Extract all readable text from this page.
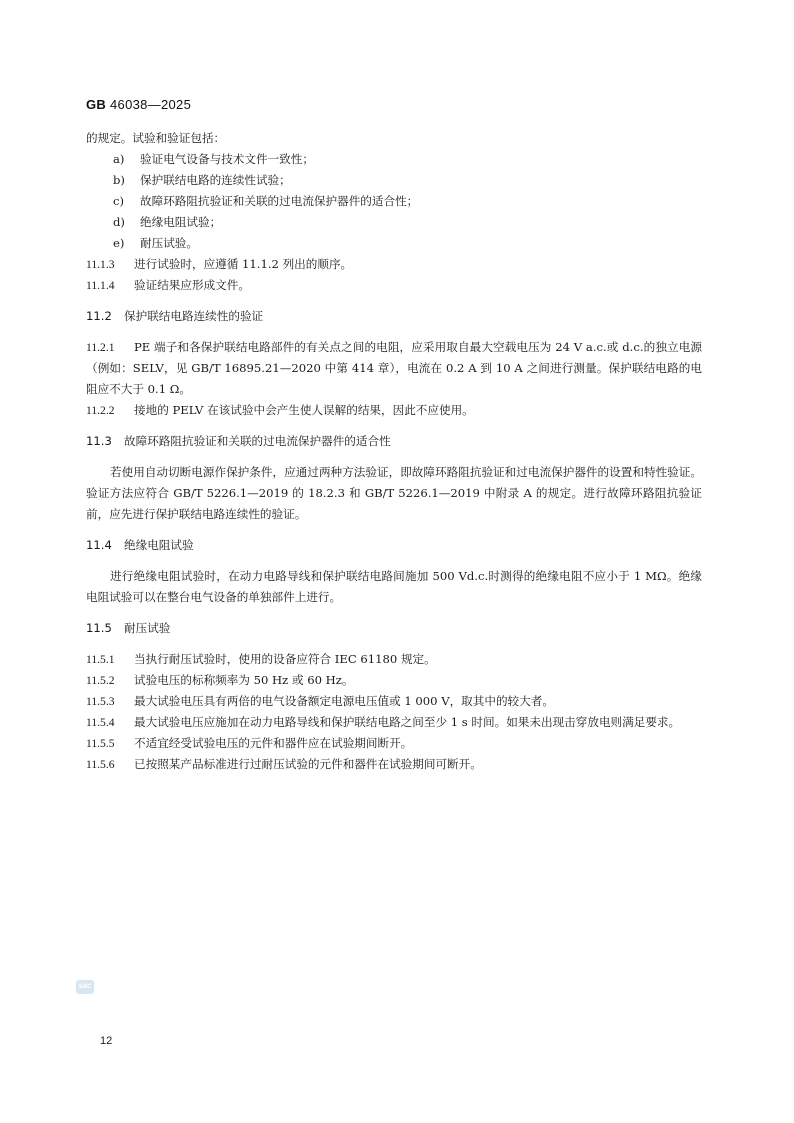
GB 46038—2025

的规定。试验和验证包括：

a) 验证电气设备与技术文件一致性；

b) 保护联结电路的连续性试验；

c) 故障环路阻抗验证和关联的过电流保护器件的适合性；

d) 绝缘电阻试验；

e) 耐压试验。

11.1.3 进行试验时，应遵循 11.1.2 列出的顺序。

11.1.4 验证结果应形成文件。

11.2 保护联结电路连续性的验证

11.2.1 PE 端子和各保护联结电路部件的有关点之间的电阻，应采用取自最大空载电压为 24 V a.c.或 d.c.的独立电源（例如：SELV，见 GB/T 16895.21—2020 中第 414 章），电流在 0.2 A 到 10 A 之间进行测量。保护联结电路的电阻应不大于 0.1 Ω。

11.2.2 接地的 PELV 在该试验中会产生使人误解的结果，因此不应使用。

11.3 故障环路阻抗验证和关联的过电流保护器件的适合性

若使用自动切断电源作保护条件，应通过两种方法验证，即故障环路阻抗验证和过电流保护器件的设置和特性验证。验证方法应符合 GB/T 5226.1—2019 的 18.2.3 和 GB/T 5226.1—2019 中附录 A 的规定。进行故障环路阻抗验证前，应先进行保护联结电路连续性的验证。

11.4 绝缘电阻试验

进行绝缘电阻试验时，在动力电路导线和保护联结电路间施加 500 Vd.c.时测得的绝缘电阻不应小于 1 MΩ。绝缘电阻试验可以在整台电气设备的单独部件上进行。

11.5 耐压试验

11.5.1 当执行耐压试验时，使用的设备应符合 IEC 61180 规定。

11.5.2 试验电压的标称频率为 50 Hz 或 60 Hz。

11.5.3 最大试验电压具有两倍的电气设备额定电源电压值或 1 000 V，取其中的较大者。

11.5.4 最大试验电压应施加在动力电路导线和保护联结电路之间至少 1 s 时间。如果未出现击穿放电则满足要求。

11.5.5 不适宜经受试验电压的元件和器件应在试验期间断开。

11.5.6 已按照某产品标准进行过耐压试验的元件和器件在试验期间可断开。

SAC
12
